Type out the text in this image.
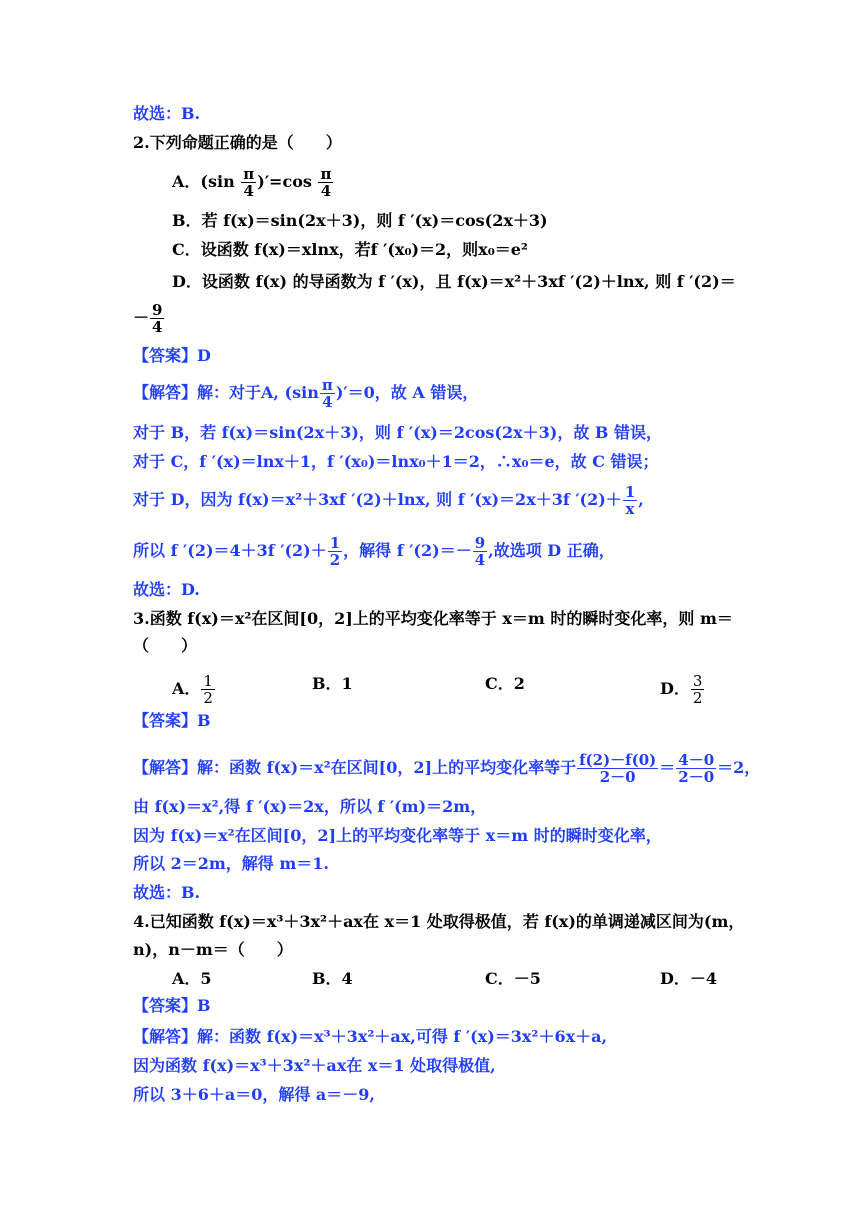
故选：B.
2.下列命题正确的是（　　）
A．$(\sin \frac{\pi}{4} )'=\cos \frac{\pi}{4}$
B．若 f(x)＝sin(2x＋3)，则 f ′(x)＝cos(2x＋3)
C．设函数 f(x)＝xlnx，若f ′(x₀)＝2，则x₀＝e²
D．设函数 f(x) 的导函数为 f ′(x)，且 f(x)＝x²＋3xf ′(2)＋lnx, 则 f ′(2)＝
－ $\frac{9}{4}$
【答案】D
【解答】解：对于A, $(\sin \frac{\pi}{4} )'=0$，故 A 错误，
对于 B，若 f(x)＝sin(2x＋3)，则 f ′(x)＝2cos(2x＋3)，故 B 错误，
对于 C，f ′(x)＝lnx＋1，f ′(x₀)＝lnx₀＋1＝2，∴x₀＝e，故 C 错误；
对于 D，因为 f(x)＝x²＋3xf ′(2)＋lnx, 则 f ′(x)＝2x＋3f $'(2)+ \frac{1}{x}$ ,
所以 f ′(2)＝4＋3f $'(2)+ \frac{1}{2}$ ，解得 f $'(2)=- \frac{9}{4}$ ,故选项 D 正确，
故选：D.
3.函数 f(x)＝x²在区间[0，2]上的平均变化率等于 x＝m 时的瞬时变化率，则 m＝
（　　）
A． $\frac{1}{2}$	B．1	C．2	D． $\frac{3}{2}$
【答案】B
【解答】解：函数 f(x)＝x²在区间[0，2]上的平均变化率等于 $\frac{f(2)-f(0)}{2-0} = \frac{4-0}{2-0} =2$，
由 f(x)＝x²,得 f ′(x)＝2x，所以 f ′(m)＝2m，
因为 f(x)＝x²在区间[0，2]上的平均变化率等于 x＝m 时的瞬时变化率，
所以 2＝2m，解得 m＝1.
故选：B.
4.已知函数 f(x)＝x³＋3x²＋ax在 x＝1 处取得极值，若 f(x)的单调递减区间为(m，
n)，n－m＝（　　）
A．5	B．4	C．－5	D．－4
【答案】B
【解答】解：函数 f(x)＝x³＋3x²＋ax,可得 f ′(x)＝3x²＋6x＋a,
因为函数 f(x)＝x³＋3x²＋ax在 x＝1 处取得极值,
所以 3＋6＋a＝0，解得 a＝－9,
